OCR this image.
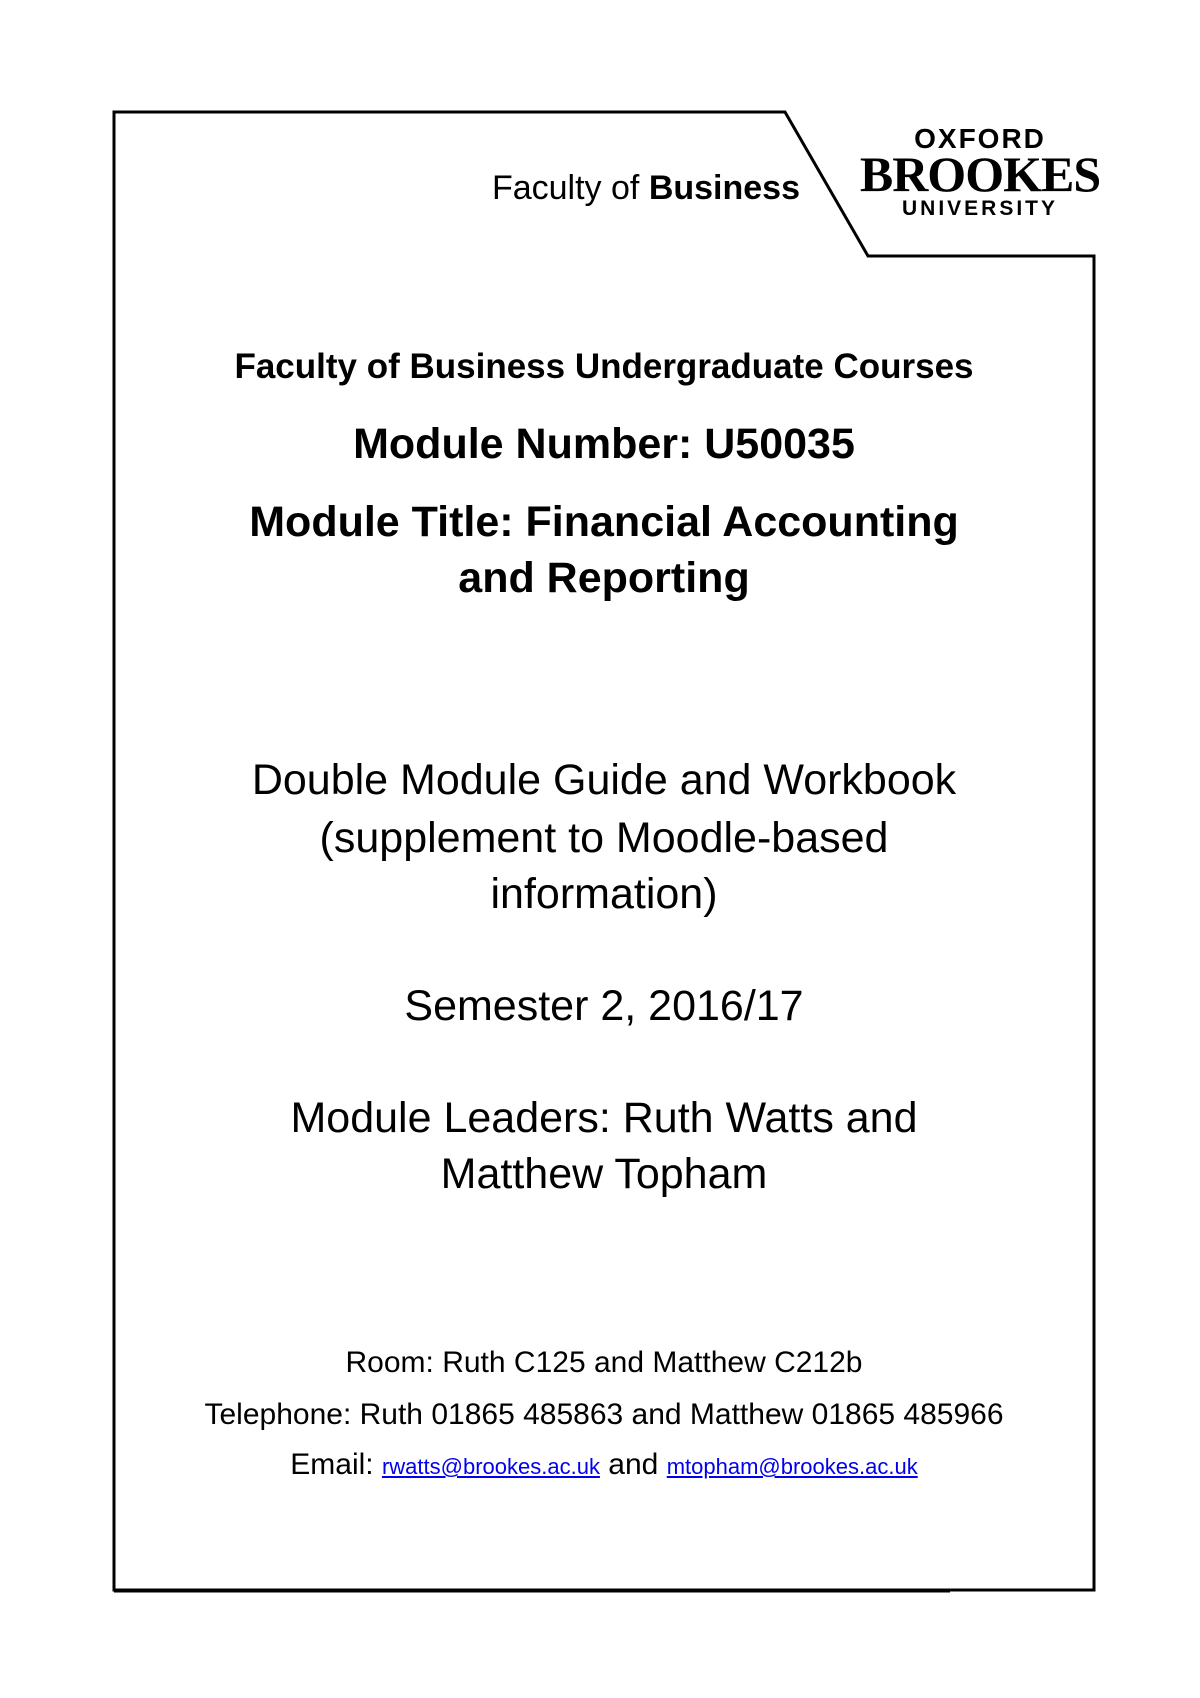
Faculty of Business
OXFORD
BROOKES
UNIVERSITY
Faculty of Business Undergraduate Courses
Module Number: U50035
Module Title: Financial Accounting
and Reporting
Double Module Guide and Workbook
(supplement to Moodle-based
information)
Semester 2, 2016/17
Module Leaders: Ruth Watts and
Matthew Topham
Room: Ruth C125 and Matthew C212b
Telephone: Ruth 01865 485863 and Matthew 01865 485966
Email: rwatts@brookes.ac.uk and mtopham@brookes.ac.uk
